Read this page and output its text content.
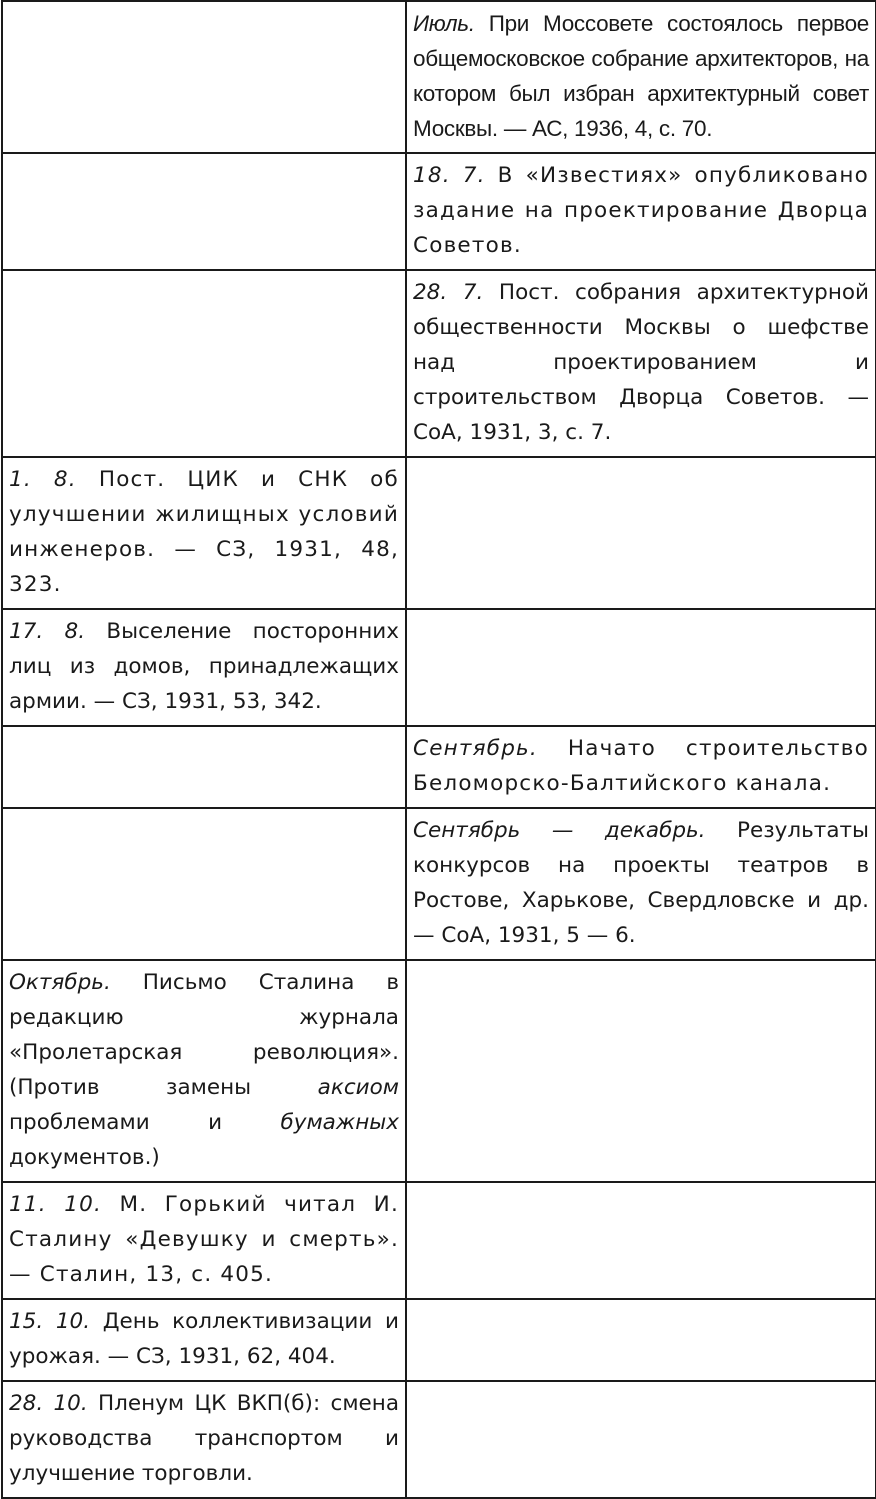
	Июль. При Моссовете состоялось первое общемосковское собрание архитекторов, на котором был избран архитектурный совет Москвы. — АС, 1936, 4, с. 70.
	18. 7. В «Известиях» опубликовано задание на проектирование Дворца Советов.
	28. 7. Пост. собрания архитектурной общественности Москвы о шефстве над проектированием и строительством Дворца Советов. — СоА, 1931, 3, с. 7.
1. 8. Пост. ЦИК и СНК об улучшении жилищных условий инженеров. — СЗ, 1931, 48, 323.	
17. 8. Выселение посторонних лиц из домов, принадлежащих армии. — СЗ, 1931, 53, 342.	
	Сентябрь. Начато строительство Беломорско-Балтийского канала.
	Сентябрь — декабрь. Результаты конкурсов на проекты театров в Ростове, Харькове, Свердловске и др. — СоА, 1931, 5 — 6.
Октябрь. Письмо Сталина в редакцию журнала «Пролетарская революция». (Против замены аксиом проблемами и бумажных документов.)	
11. 10. М. Горький читал И. Сталину «Девушку и смерть». — Сталин, 13, с. 405.	
15. 10. День коллективизации и урожая. — СЗ, 1931, 62, 404.	
28. 10. Пленум ЦК ВКП(б): смена руководства транспортом и улучшение торговли.	
